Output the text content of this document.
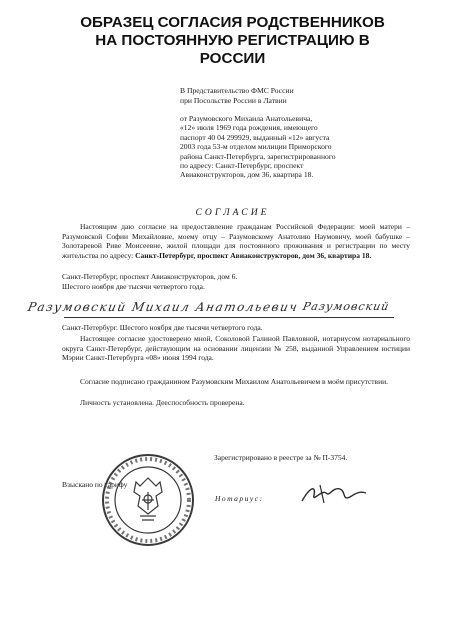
ОБРАЗЕЦ СОГЛАСИЯ РОДСТВЕННИКОВ
НА ПОСТОЯННУЮ РЕГИСТРАЦИЮ В
РОССИИ
В Представительство ФМС России
при Посольстве России в Латвии
от Разумовского Михаила Анатольевича,
«12» июля 1969 года рождения, имеющего
паспорт 40 04 299929, выданный «12» августа
2003 года 53-м отделом милиции Приморского
района Санкт-Петербурга, зарегистрированного
по адресу: Санкт-Петербург, проспект
Авиаконструкторов, дом 36, квартира 18.
СОГЛАСИЕ

Настоящим даю согласие на предоставление гражданам Российской Федерации: моей матери – Разумовской Софии Михайловне, моему отцу – Разумовскому Анатолию Наумовичу, моей бабушке – Золотаревой Риве Моисеевне, жилой площади для постоянного проживания и регистрации по месту жительства по адресу: Санкт-Петербург, проспект Авиаконструкторов, дом 36, квартира 18.

Санкт-Петербург, проспект Авиаконструкторов, дом 6.
Шестого ноября две тысячи четвертого года.
Разумовский Михаил Анатольевич Разумовский
Санкт-Петербург. Шестого ноября две тысячи четвертого года.

Настоящее согласие удостоверено мной, Соколовой Галиной Павловной, нотариусом нотариального округа Санкт-Петербург, действующим на основании лицензии № 258, выданной Управлением юстиции Мэрии Санкт-Петербурга «08» июня 1994 года.

Согласие подписано гражданином Разумовским Михаилом Анатольевичем в моём присутствии.

Личность установлена. Дееспособность проверена.

Зарегистрировано в реестре за № П-3754.
Взыскано по тарифу
Нотариус:
